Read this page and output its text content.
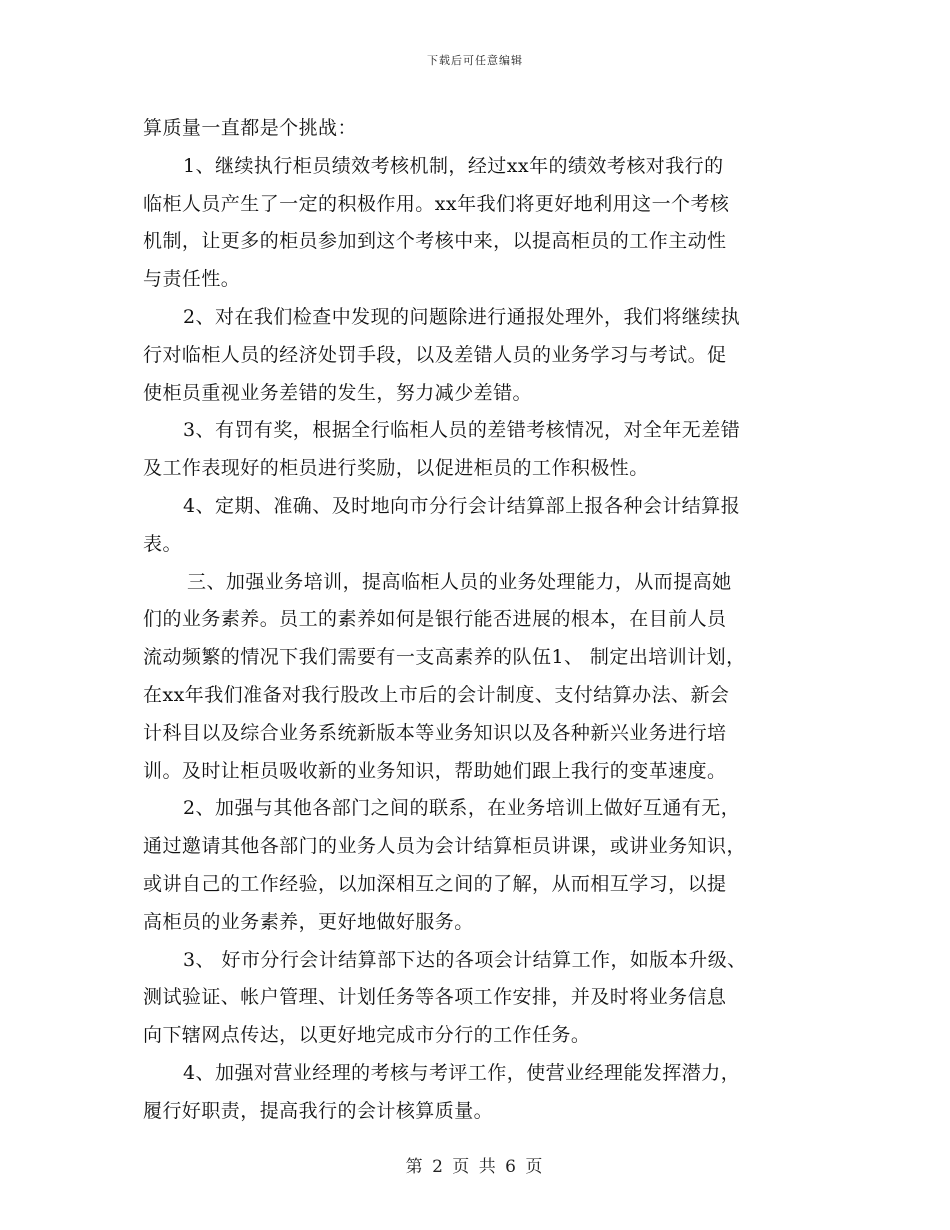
下载后可任意编辑
算质量一直都是个挑战：
1、继续执行柜员绩效考核机制，经过xx年的绩效考核对我行的
临柜人员产生了一定的积极作用。xx年我们将更好地利用这一个考核
机制，让更多的柜员参加到这个考核中来，以提高柜员的工作主动性
与责任性。
2、对在我们检查中发现的问题除进行通报处理外，我们将继续执
行对临柜人员的经济处罚手段，以及差错人员的业务学习与考试。促
使柜员重视业务差错的发生，努力减少差错。
3、有罚有奖，根据全行临柜人员的差错考核情况，对全年无差错
及工作表现好的柜员进行奖励，以促进柜员的工作积极性。
4、定期、准确、及时地向市分行会计结算部上报各种会计结算报
表。
三、加强业务培训，提高临柜人员的业务处理能力，从而提高她
们的业务素养。员工的素养如何是银行能否进展的根本，在目前人员
流动频繁的情况下我们需要有一支高素养的队伍1、 制定出培训计划，
在xx年我们准备对我行股改上市后的会计制度、支付结算办法、新会
计科目以及综合业务系统新版本等业务知识以及各种新兴业务进行培
训。及时让柜员吸收新的业务知识，帮助她们跟上我行的变革速度。
2、加强与其他各部门之间的联系，在业务培训上做好互通有无，
通过邀请其他各部门的业务人员为会计结算柜员讲课，或讲业务知识，
或讲自己的工作经验，以加深相互之间的了解，从而相互学习，以提
高柜员的业务素养，更好地做好服务。
3、 好市分行会计结算部下达的各项会计结算工作，如版本升级、
测试验证、帐户管理、计划任务等各项工作安排，并及时将业务信息
向下辖网点传达，以更好地完成市分行的工作任务。
4、加强对营业经理的考核与考评工作，使营业经理能发挥潜力，
履行好职责，提高我行的会计核算质量。
第 2 页 共 6 页
